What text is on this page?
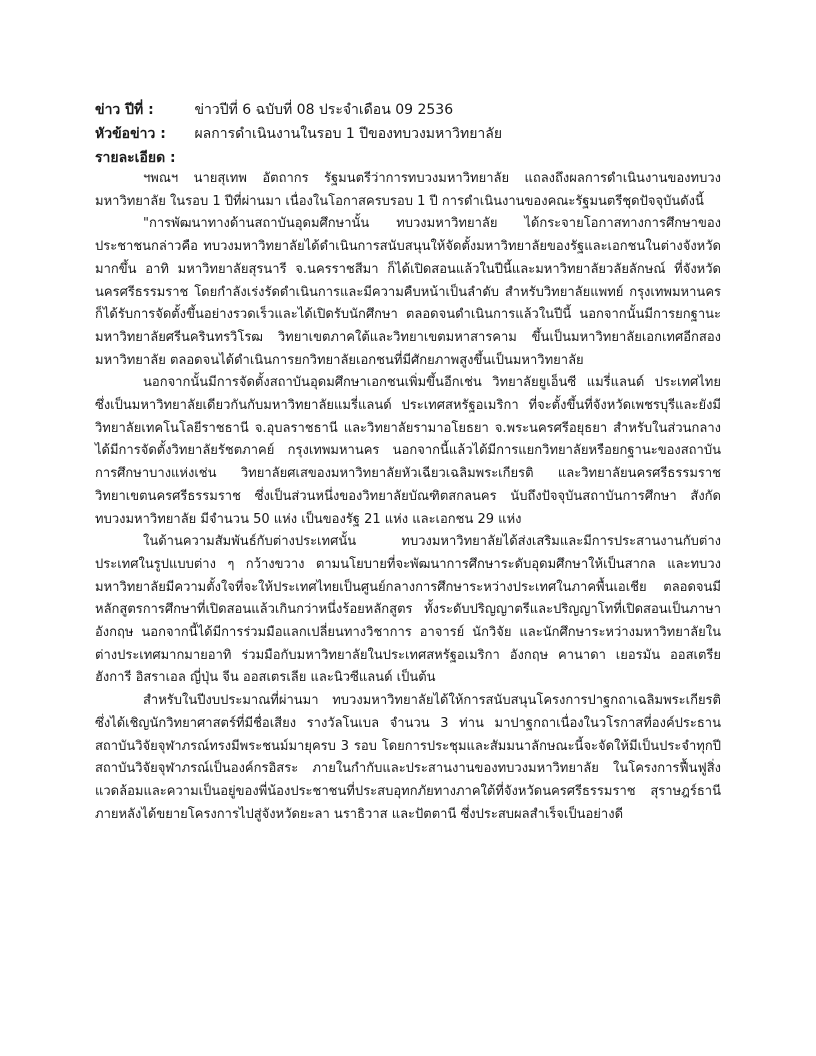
ข่าว ปีที่ :	ข่าวปีที่ 6 ฉบับที่ 08 ประจำเดือน 09 2536
หัวข้อข่าว : ผลการดำเนินงานในรอบ 1 ปีของทบวงมหาวิทยาลัย
รายละเอียด :

ฯพณฯ นายสุเทพ อัตถากร รัฐมนตรีว่าการทบวงมหาวิทยาลัย แถลงถึงผลการดำเนินงานของทบวงมหาวิทยาลัย ในรอบ 1 ปีที่ผ่านมา เนื่องในโอกาสครบรอบ 1 ปี การดำเนินงานของคณะรัฐมนตรีชุดปัจจุบันดังนี้

"การพัฒนาทางด้านสถาบันอุดมศึกษานั้น ทบวงมหาวิทยาลัย ได้กระจายโอกาสทางการศึกษาของประชาชนกล่าวคือ ทบวงมหาวิทยาลัยได้ดำเนินการสนับสนุนให้จัดตั้งมหาวิทยาลัยของรัฐและเอกชนในต่างจังหวัดมากขึ้น อาทิ มหาวิทยาลัยสุรนารี จ.นครราชสีมา ก็ได้เปิดสอนแล้วในปีนี้และมหาวิทยาลัยวลัยลักษณ์ ที่จังหวัดนครศรีธรรมราช โดยกำลังเร่งรัดดำเนินการและมีความคืบหน้าเป็นลำดับ สำหรับวิทยาลัยแพทย์ กรุงเทพมหานคร ก็ได้รับการจัดตั้งขึ้นอย่างรวดเร็วและได้เปิดรับนักศึกษา ตลอดจนดำเนินการแล้วในปีนี้ นอกจากนั้นมีการยกฐานะ มหาวิทยาลัยศรีนครินทรวิโรฒ วิทยาเขตภาคใต้และวิทยาเขตมหาสารคาม ขึ้นเป็นมหาวิทยาลัยเอกเทศอีกสองมหาวิทยาลัย ตลอดจนได้ดำเนินการยกวิทยาลัยเอกชนที่มีศักยภาพสูงขึ้นเป็นมหาวิทยาลัย

นอกจากนั้นมีการจัดตั้งสถาบันอุดมศึกษาเอกชนเพิ่มขึ้นอีกเช่น วิทยาลัยยูเอ็นซี แมรี่แลนด์ ประเทศไทย ซึ่งเป็นมหาวิทยาลัยเดียวกันกับมหาวิทยาลัยแมรี่แลนด์ ประเทศสหรัฐอเมริกา ที่จะตั้งขึ้นที่จังหวัดเพชรบุรีและยังมีวิทยาลัยเทคโนโลยีราชธานี จ.อุบลราชธานี และวิทยาลัยรามาอโยธยา จ.พระนครศรีอยุธยา สำหรับในส่วนกลางได้มีการจัดตั้งวิทยาลัยรัชตภาคย์ กรุงเทพมหานคร นอกจากนี้แล้วได้มีการแยกวิทยาลัยหรือยกฐานะของสถาบันการศึกษาบางแห่งเช่น วิทยาลัยศเสของมหาวิทยาลัยหัวเฉียวเฉลิมพระเกียรติ และวิทยาลัยนครศรีธรรมราช วิทยาเขตนครศรีธรรมราช ซึ่งเป็นส่วนหนึ่งของวิทยาลัยบัณฑิตสกลนคร นับถึงปัจจุบันสถาบันการศึกษา สังกัดทบวงมหาวิทยาลัย มีจำนวน 50 แห่ง เป็นของรัฐ 21 แห่ง และเอกชน 29 แห่ง

ในด้านความสัมพันธ์กับต่างประเทศนั้น ทบวงมหาวิทยาลัยได้ส่งเสริมและมีการประสานงานกับต่างประเทศในรูปแบบต่าง ๆ กว้างขวาง ตามนโยบายที่จะพัฒนาการศึกษาระดับอุดมศึกษาให้เป็นสากล และทบวงมหาวิทยาลัยมีความตั้งใจที่จะให้ประเทศไทยเป็นศูนย์กลางการศึกษาระหว่างประเทศในภาคพื้นเอเชีย ตลอดจนมีหลักสูตรการศึกษาที่เปิดสอนแล้วเกินกว่าหนึ่งร้อยหลักสูตร ทั้งระดับปริญญาตรีและปริญญาโทที่เปิดสอนเป็นภาษาอังกฤษ นอกจากนี้ได้มีการร่วมมือแลกเปลี่ยนทางวิชาการ อาจารย์ นักวิจัย และนักศึกษาระหว่างมหาวิทยาลัยในต่างประเทศมากมายอาทิ ร่วมมือกับมหาวิทยาลัยในประเทศสหรัฐอเมริกา อังกฤษ คานาดา เยอรมัน ออสเตรีย ฮังการี อิสราเอล ญี่ปุ่น จีน ออสเตรเลีย และนิวซีแลนด์ เป็นต้น

สำหรับในปีงบประมาณที่ผ่านมา ทบวงมหาวิทยาลัยได้ให้การสนับสนุนโครงการปาฐกถาเฉลิมพระเกียรติ ซึ่งได้เชิญนักวิทยาศาสตร์ที่มีชื่อเสียง รางวัลโนเบล จำนวน 3 ท่าน มาปาฐกถาเนื่องในวโรกาสที่องค์ประธานสถาบันวิจัยจุฬาภรณ์ทรงมีพระชนม์มายุครบ 3 รอบ โดยการประชุมและสัมมนาลักษณะนี้จะจัดให้มีเป็นประจำทุกปี สถาบันวิจัยจุฬาภรณ์เป็นองค์กรอิสระ ภายในกำกับและประสานงานของทบวงมหาวิทยาลัย ในโครงการฟื้นฟูสิ่งแวดล้อมและความเป็นอยู่ของพี่น้องประชาชนที่ประสบอุทกภัยทางภาคใต้ที่จังหวัดนครศรีธรรมราช สุราษฎร์ธานี ภายหลังได้ขยายโครงการไปสู่จังหวัดยะลา นราธิวาส และปัตตานี ซึ่งประสบผลสำเร็จเป็นอย่างดี
